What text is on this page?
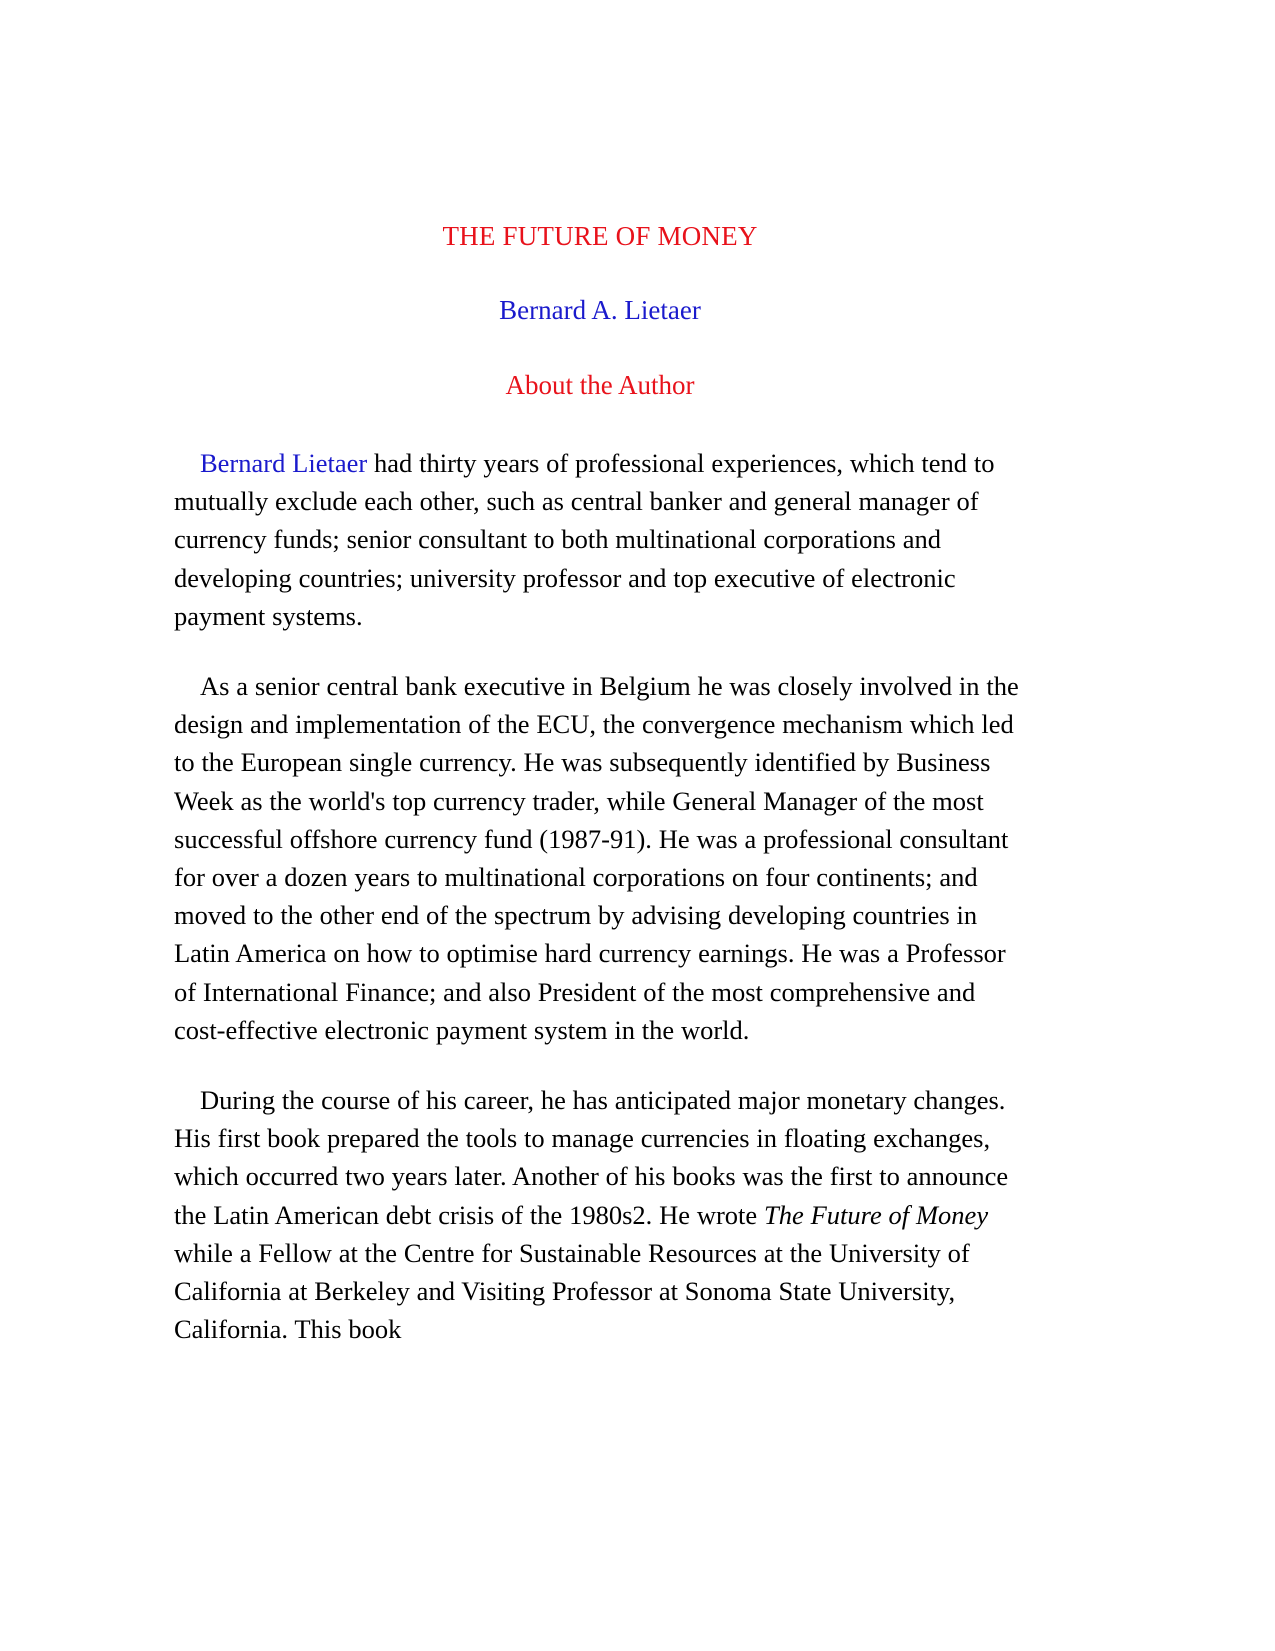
THE FUTURE OF MONEY
Bernard A. Lietaer
About the Author

Bernard Lietaer had thirty years of professional experiences, which tend to mutually exclude each other, such as central banker and general manager of currency funds; senior consultant to both multinational corporations and developing countries; university professor and top executive of electronic payment systems.

As a senior central bank executive in Belgium he was closely involved in the design and implementation of the ECU, the convergence mechanism which led to the European single currency. He was subsequently identified by Business Week as the world's top currency trader, while General Manager of the most successful offshore currency fund (1987-91). He was a professional consultant for over a dozen years to multinational corporations on four continents; and moved to the other end of the spectrum by advising developing countries in Latin America on how to optimise hard currency earnings. He was a Professor of International Finance; and also President of the most comprehensive and cost-effective electronic payment system in the world.

During the course of his career, he has anticipated major monetary changes. His first book prepared the tools to manage currencies in floating exchanges, which occurred two years later. Another of his books was the first to announce the Latin American debt crisis of the 1980s2. He wrote The Future of Money while a Fellow at the Centre for Sustainable Resources at the University of California at Berkeley and Visiting Professor at Sonoma State University, California. This book
